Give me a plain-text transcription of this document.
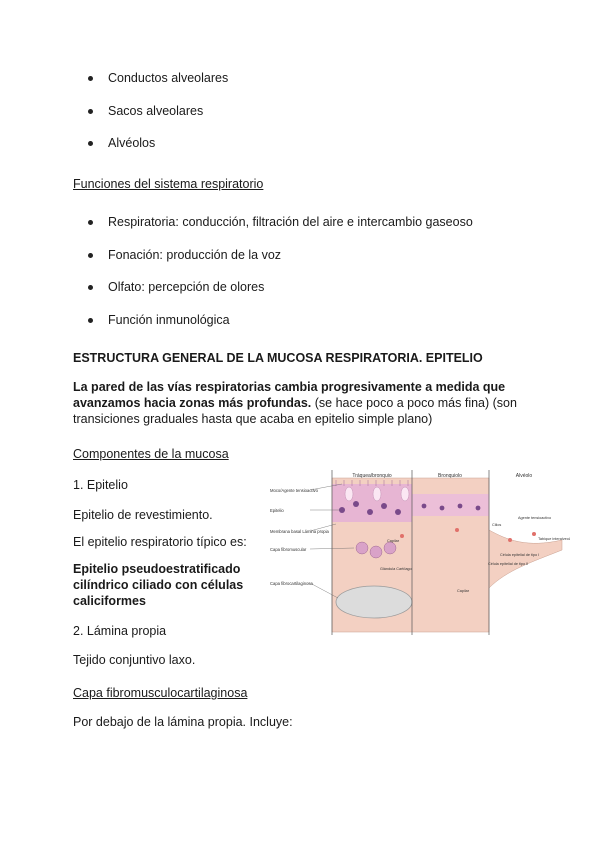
Conductos alveolares
Sacos alveolares
Alvéolos
Funciones del sistema respiratorio
Respiratoria: conducción, filtración del aire e intercambio gaseoso
Fonación: producción de la voz
Olfato: percepción de olores
Función inmunológica
ESTRUCTURA GENERAL DE LA MUCOSA RESPIRATORIA. EPITELIO
La pared de las vías respiratorias cambia progresivamente a medida que
avanzamos hacia zonas más profundas. (se hace poco a poco más fina) (son
transiciones graduales hasta que acaba en epitelio simple plano)
Componentes de la mucosa
1. Epitelio
Epitelio de revestimiento.
El epitelio respiratorio típico es:
Epitelio pseudoestratificado
cilíndrico ciliado con células
caliciformes
2. Lámina propia
Tejido conjuntivo laxo.
Capa fibromusculocartilaginosa
Por debajo de la lámina propia. Incluye:
Tráquea/bronquio	Bronquiolo	Alvéolo
Moco/Agente tensioactivo
Epitelio
Membrana basal Lámina propia
Capa fibromuscular
Capa fibrocartilaginosa
Capilar
Glándula Cartílago
Capilar
Cilios
Agente tensioactivo
Célula epitelial de tipo I
Célula epitelial de tipo II
Tabique interalveolar
